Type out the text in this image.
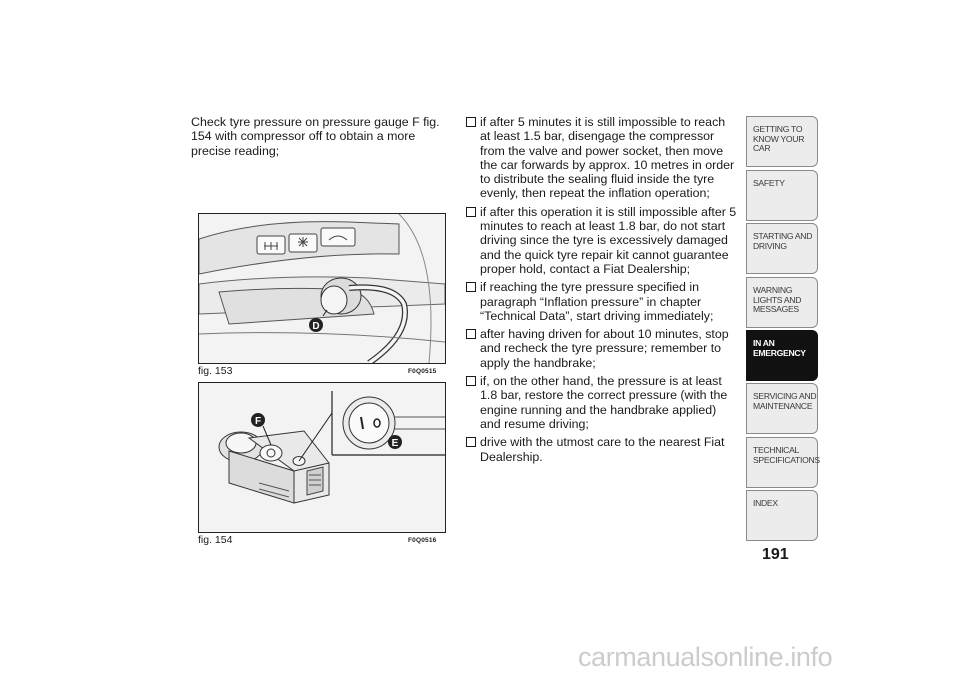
Check tyre pressure on pressure gauge F fig. 154 with compressor off to obtain a more precise reading;
D
fig. 153	F0Q0515
F
E
fig. 154	F0Q0516
if after 5 minutes it is still impossible to reach at least 1.5 bar, disengage the compressor from the valve and power socket, then move the car forwards by approx. 10 metres in order to distribute the sealing fluid inside the tyre evenly, then repeat the inflation operation;
if after this operation it is still impossible after 5 minutes to reach at least 1.8 bar, do not start driving since the tyre is excessively damaged and the quick tyre repair kit cannot guarantee proper hold, contact a Fiat Dealership;
if reaching the tyre pressure specified in paragraph “Inflation pressure” in chapter “Technical Data”, start driving immediately;
after having driven for about 10 minutes, stop and recheck the tyre pressure; remember to apply the handbrake;
if, on the other hand, the pressure is at least 1.8 bar, restore the correct pressure (with the engine running and the handbrake applied) and resume driving;
drive with the utmost care to the nearest Fiat Dealership.
GETTING TO KNOW YOUR CAR
SAFETY
STARTING AND DRIVING
WARNING LIGHTS AND MESSAGES
IN AN EMERGENCY
SERVICING AND MAINTENANCE
TECHNICAL SPECIFICATIONS
INDEX
191
carmanualsonline.info
